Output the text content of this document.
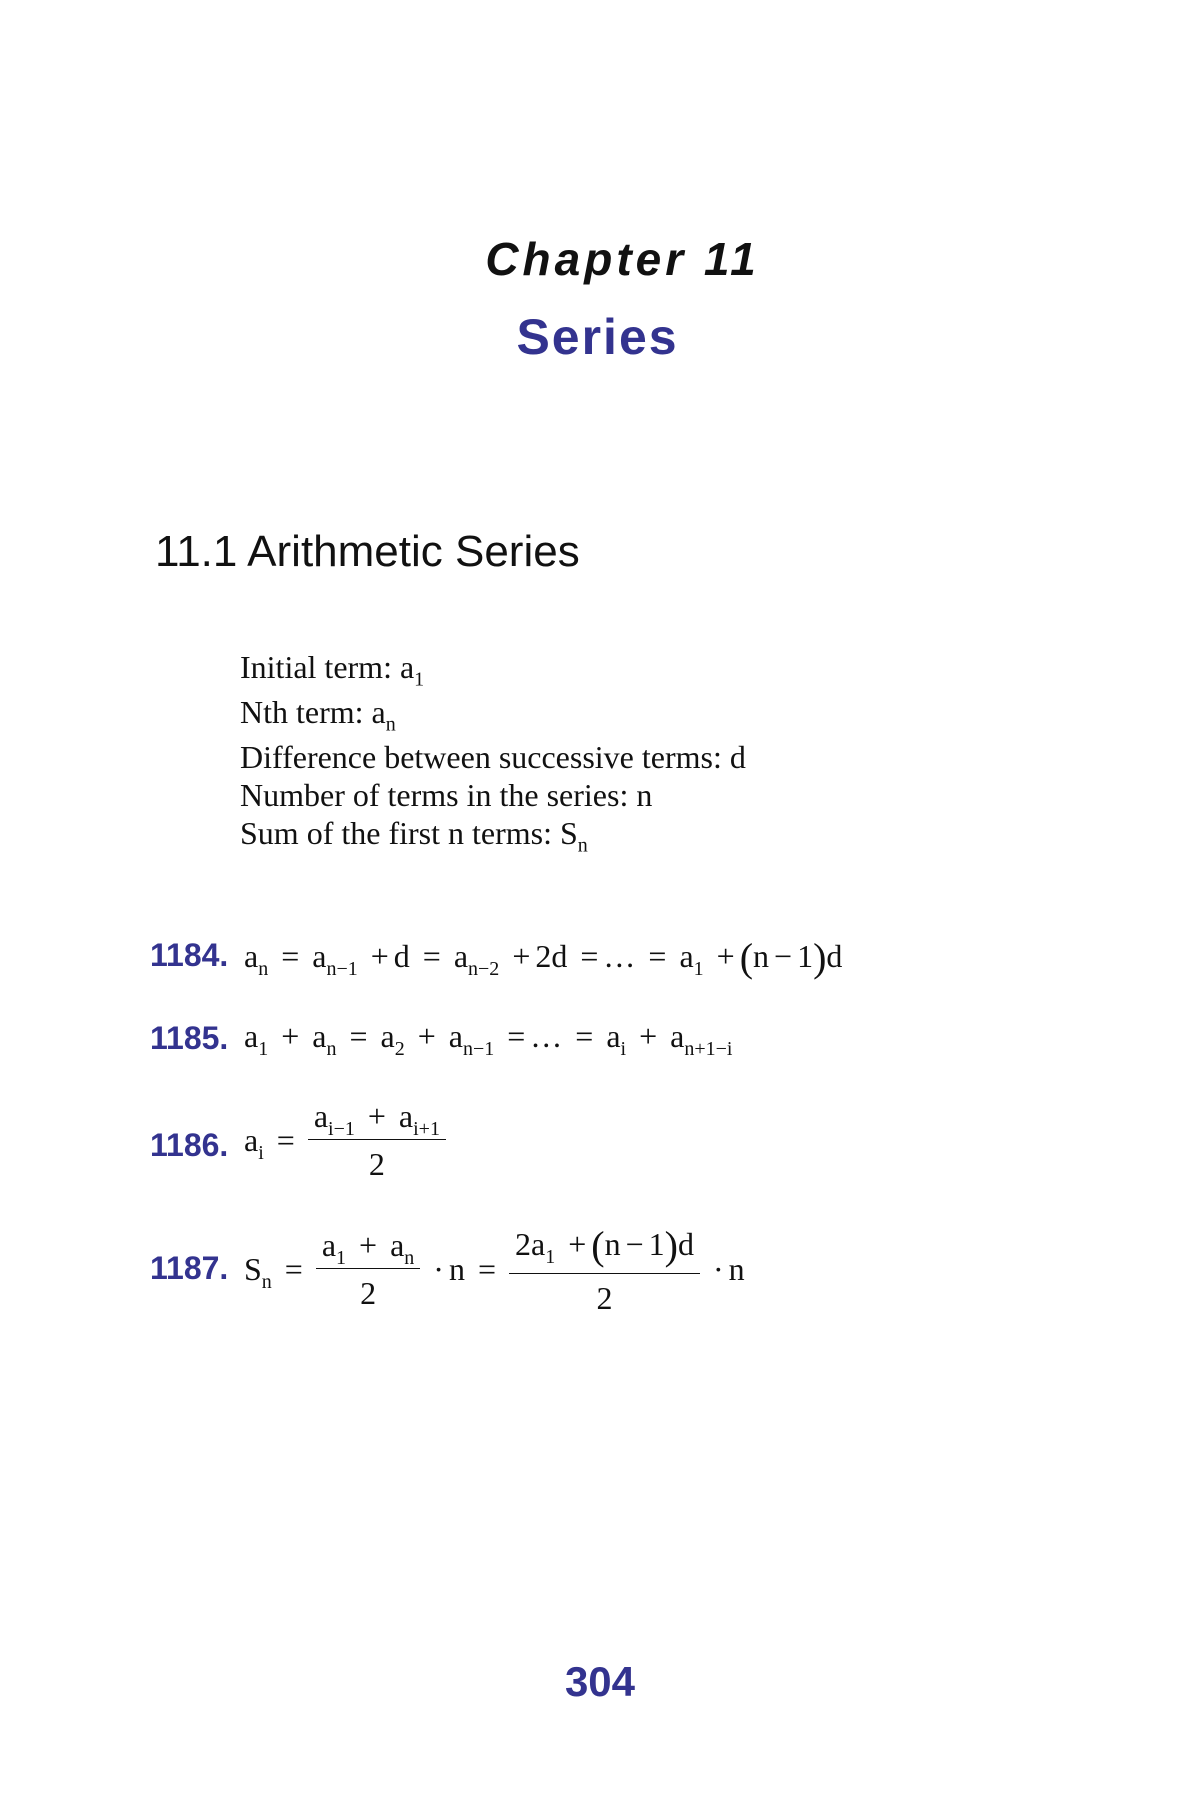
Chapter 11
Series
11.1 Arithmetic Series
Initial term: $a_1$
Nth term: $a_n$
Difference between successive terms: d
Number of terms in the series: n
Sum of the first n terms: $S_n$
1184. $a_n = a_{n-1} + d = a_{n-2} + 2d$ = … = $a_1 + (n - 1)d$
1185. $a_1 + a_n = a_2 + a_{n-1}$ = … = $a_i + a_{n+1-i}$
1186. $a_i = \frac{a_{i-1} + a_{i+1}}{2}$
1187. $S_n = \frac{a_1 + a_n}{2} \cdot n = \frac{2a_1 + (n - 1)d}{2} \cdot n$
304
